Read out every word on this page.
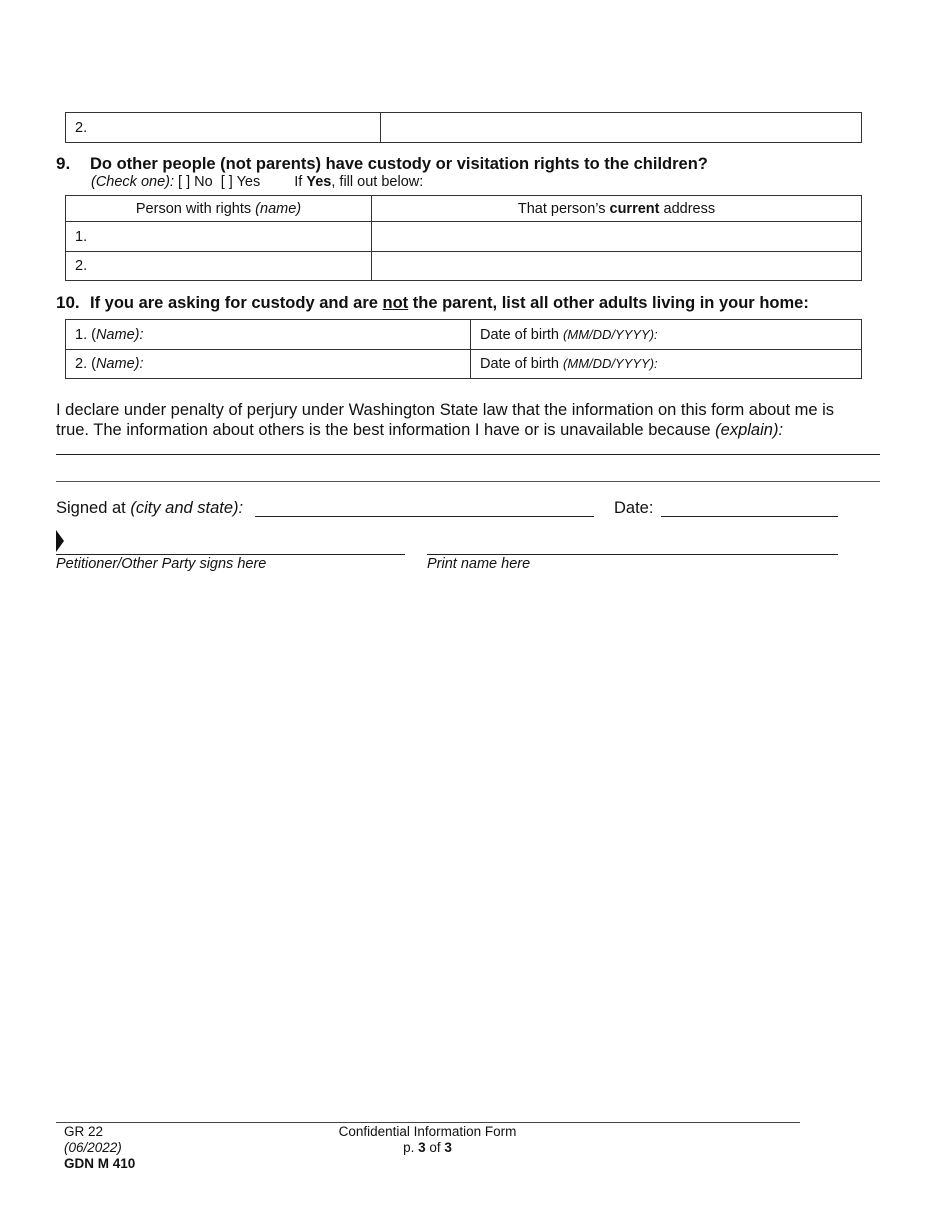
2.	
9. Do other people (not parents) have custody or visitation rights to the children?
(Check one): [ ] No [ ] Yes If Yes, fill out below:
Person with rights (name)	That person’s current address
1.	
2.	
10. If you are asking for custody and are not the parent, list all other adults living in your home:
1. (Name):	Date of birth (MM/DD/YYYY):
2. (Name):	Date of birth (MM/DD/YYYY):
I declare under penalty of perjury under Washington State law that the information on this form about me is true. The information about others is the best information I have or is unavailable because (explain):
Signed at (city and state):	Date:
Petitioner/Other Party signs here	Print name here
GR 22
(06/2022)
GDN M 410
Confidential Information Form
p. 3 of 3
